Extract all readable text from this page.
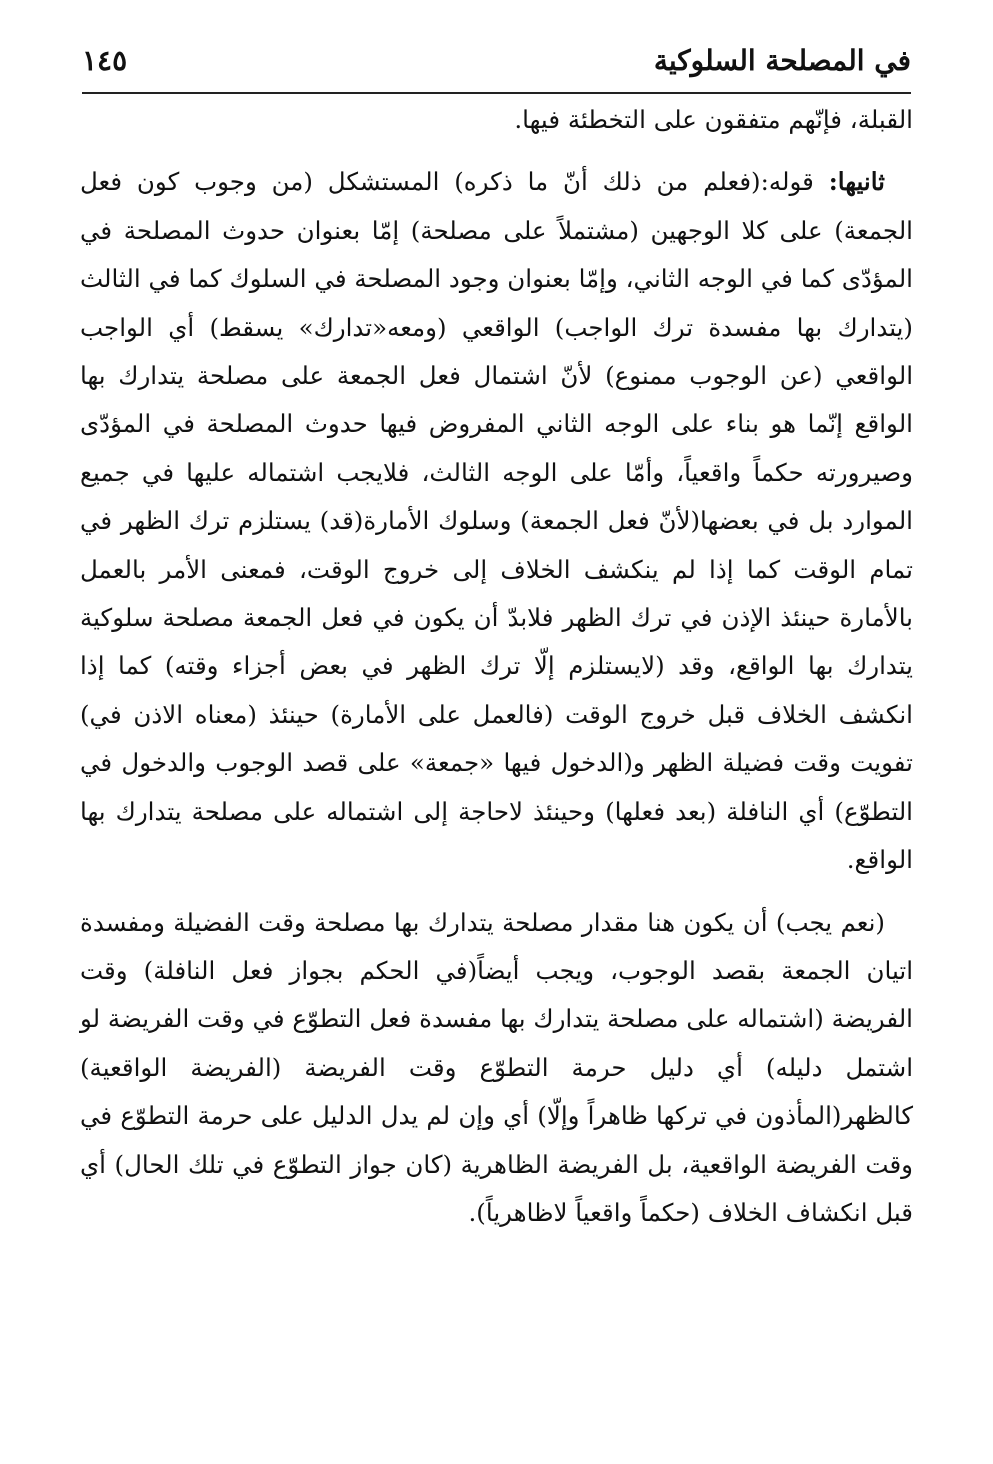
في المصلحة السلوكية
١٤٥

القبلة، فإنّهم متفقون على التخطئة فيها.

ثانيها: قوله:(فعلم من ذلك أنّ ما ذكره) المستشكل (من وجوب كون فعل الجمعة) على كلا الوجهين (مشتملاً على مصلحة) إمّا بعنوان حدوث المصلحة في المؤدّى كما في الوجه الثاني، وإمّا بعنوان وجود المصلحة في السلوك كما في الثالث (يتدارك بها مفسدة ترك الواجب) الواقعي (ومعه«تدارك» يسقط) أي الواجب الواقعي (عن الوجوب ممنوع) لأنّ اشتمال فعل الجمعة على مصلحة يتدارك بها الواقع إنّما هو بناء على الوجه الثاني المفروض فيها حدوث المصلحة في المؤدّى وصيرورته حكماً واقعياً، وأمّا على الوجه الثالث، فلايجب اشتماله عليها في جميع الموارد بل في بعضها(لأنّ فعل الجمعة) وسلوك الأمارة(قد) يستلزم ترك الظهر في تمام الوقت كما إذا لم ينكشف الخلاف إلى خروج الوقت، فمعنى الأمر بالعمل بالأمارة حينئذ الإذن في ترك الظهر فلابدّ أن يكون في فعل الجمعة مصلحة سلوكية يتدارك بها الواقع، وقد (لايستلزم إلّا ترك الظهر في بعض أجزاء وقته) كما إذا انكشف الخلاف قبل خروج الوقت (فالعمل على الأمارة) حينئذ (معناه الاذن في) تفويت وقت فضيلة الظهر و(الدخول فيها «جمعة» على قصد الوجوب والدخول في التطوّع) أي النافلة (بعد فعلها) وحينئذ لاحاجة إلى اشتماله على مصلحة يتدارك بها الواقع.

(نعم يجب) أن يكون هنا مقدار مصلحة يتدارك بها مصلحة وقت الفضيلة ومفسدة اتيان الجمعة بقصد الوجوب، ويجب أيضاً(في الحكم بجواز فعل النافلة) وقت الفريضة (اشتماله على مصلحة يتدارك بها مفسدة فعل التطوّع في وقت الفريضة لو اشتمل دليله) أي دليل حرمة التطوّع وقت الفريضة (الفريضة الواقعية) كالظهر(المأذون في تركها ظاهراً وإلّا) أي وإن لم يدل الدليل على حرمة التطوّع في وقت الفريضة الواقعية، بل الفريضة الظاهرية (كان جواز التطوّع في تلك الحال) أي قبل انكشاف الخلاف (حكماً واقعياً لاظاهرياً).
